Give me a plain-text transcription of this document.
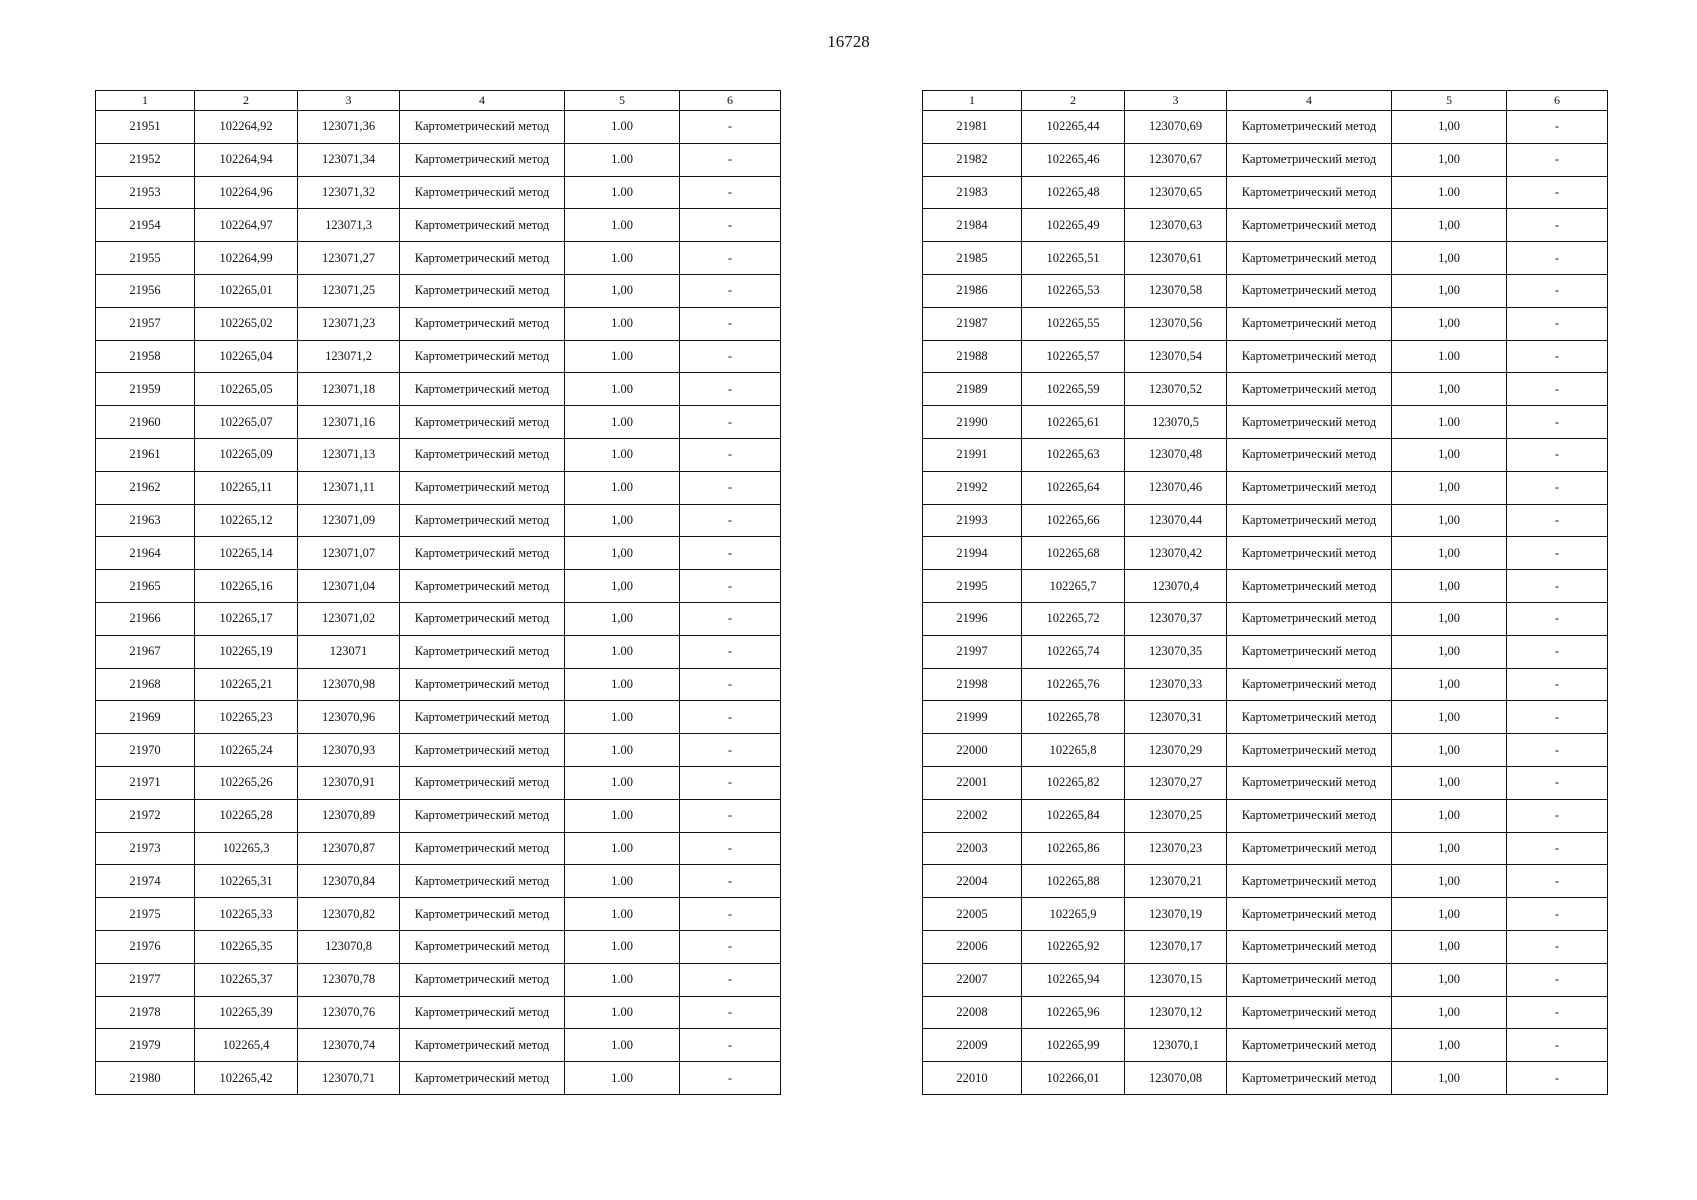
16728
1	2	3	4	5	6
21951	102264,92	123071,36	Картометрический метод	1.00	-
21952	102264,94	123071,34	Картометрический метод	1.00	-
21953	102264,96	123071,32	Картометрический метод	1.00	-
21954	102264,97	123071,3	Картометрический метод	1.00	-
21955	102264,99	123071,27	Картометрический метод	1.00	-
21956	102265,01	123071,25	Картометрический метод	1,00	-
21957	102265,02	123071,23	Картометрический метод	1.00	-
21958	102265,04	123071,2	Картометрический метод	1.00	-
21959	102265,05	123071,18	Картометрический метод	1.00	-
21960	102265,07	123071,16	Картометрический метод	1.00	-
21961	102265,09	123071,13	Картометрический метод	1.00	-
21962	102265,11	123071,11	Картометрический метод	1.00	-
21963	102265,12	123071,09	Картометрический метод	1,00	-
21964	102265,14	123071,07	Картометрический метод	1,00	-
21965	102265,16	123071,04	Картометрический метод	1,00	-
21966	102265,17	123071,02	Картометрический метод	1,00	-
21967	102265,19	123071	Картометрический метод	1.00	-
21968	102265,21	123070,98	Картометрический метод	1.00	-
21969	102265,23	123070,96	Картометрический метод	1.00	-
21970	102265,24	123070,93	Картометрический метод	1.00	-
21971	102265,26	123070,91	Картометрический метод	1.00	-
21972	102265,28	123070,89	Картометрический метод	1.00	-
21973	102265,3	123070,87	Картометрический метод	1.00	-
21974	102265,31	123070,84	Картометрический метод	1.00	-
21975	102265,33	123070,82	Картометрический метод	1.00	-
21976	102265,35	123070,8	Картометрический метод	1.00	-
21977	102265,37	123070,78	Картометрический метод	1.00	-
21978	102265,39	123070,76	Картометрический метод	1.00	-
21979	102265,4	123070,74	Картометрический метод	1.00	-
21980	102265,42	123070,71	Картометрический метод	1.00	-
1	2	3	4	5	6
21981	102265,44	123070,69	Картометрический метод	1,00	-
21982	102265,46	123070,67	Картометрический метод	1,00	-
21983	102265,48	123070,65	Картометрический метод	1.00	-
21984	102265,49	123070,63	Картометрический метод	1,00	-
21985	102265,51	123070,61	Картометрический метод	1,00	-
21986	102265,53	123070,58	Картометрический метод	1,00	-
21987	102265,55	123070,56	Картометрический метод	1,00	-
21988	102265,57	123070,54	Картометрический метод	1.00	-
21989	102265,59	123070,52	Картометрический метод	1,00	-
21990	102265,61	123070,5	Картометрический метод	1.00	-
21991	102265,63	123070,48	Картометрический метод	1,00	-
21992	102265,64	123070,46	Картометрический метод	1,00	-
21993	102265,66	123070,44	Картометрический метод	1,00	-
21994	102265,68	123070,42	Картометрический метод	1,00	-
21995	102265,7	123070,4	Картометрический метод	1,00	-
21996	102265,72	123070,37	Картометрический метод	1,00	-
21997	102265,74	123070,35	Картометрический метод	1,00	-
21998	102265,76	123070,33	Картометрический метод	1,00	-
21999	102265,78	123070,31	Картометрический метод	1,00	-
22000	102265,8	123070,29	Картометрический метод	1,00	-
22001	102265,82	123070,27	Картометрический метод	1,00	-
22002	102265,84	123070,25	Картометрический метод	1,00	-
22003	102265,86	123070,23	Картометрический метод	1,00	-
22004	102265,88	123070,21	Картометрический метод	1,00	-
22005	102265,9	123070,19	Картометрический метод	1,00	-
22006	102265,92	123070,17	Картометрический метод	1,00	-
22007	102265,94	123070,15	Картометрический метод	1,00	-
22008	102265,96	123070,12	Картометрический метод	1,00	-
22009	102265,99	123070,1	Картометрический метод	1,00	-
22010	102266,01	123070,08	Картометрический метод	1,00	-
